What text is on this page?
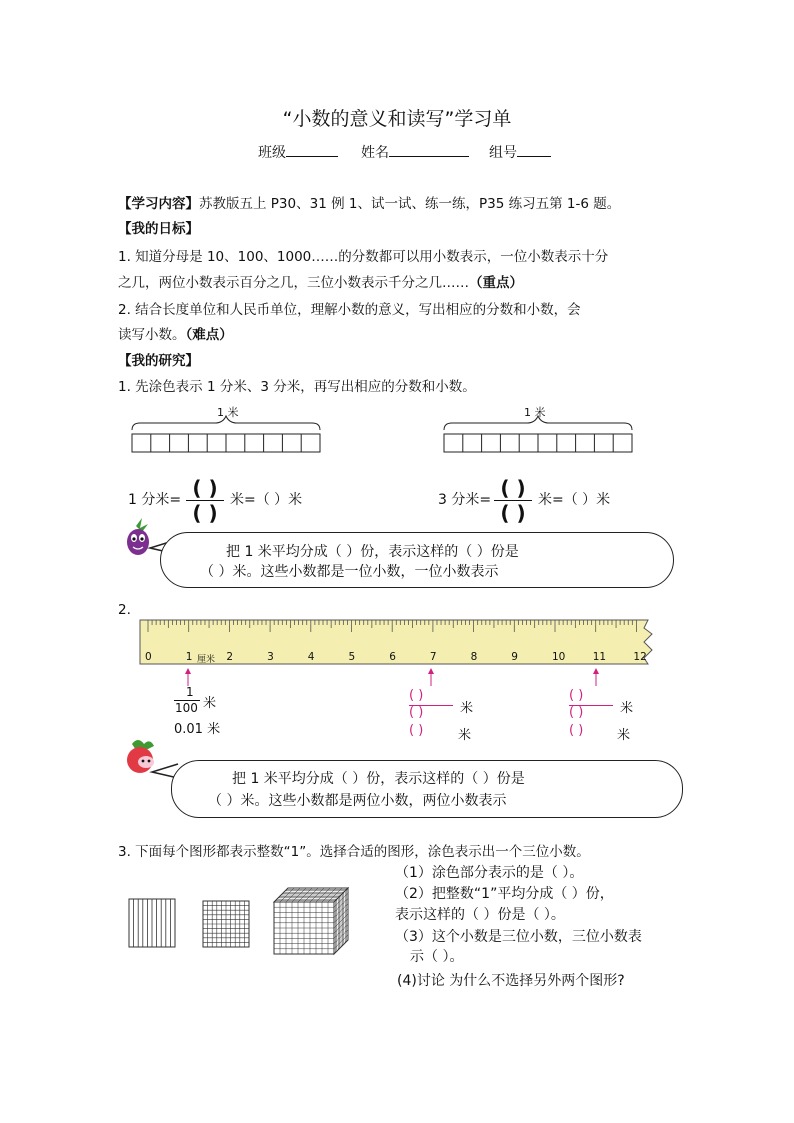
“小数的意义和读写”学习单
班级	姓名	组号
【学习内容】苏教版五上 P30、31 例 1、试一试、练一练，P35 练习五第 1-6 题。
【我的日标】
1. 知道分母是 10、100、1000……的分数都可以用小数表示，一位小数表示十分
之几，两位小数表示百分之几，三位小数表示千分之几……（重点）
2. 结合长度单位和人民币单位，理解小数的意义，写出相应的分数和小数，会
读写小数。（难点）
【我的研究】
1. 先涂色表示 1 分米、3 分米，再写出相应的分数和小数。
1 米	1 米
1 分米= ( )
( )
米=（ ）米	3 分米= ( )
( )
米=（ ）米
把 1 米平均分成（ ）份，表示这样的（ ）份是
（ ）米。这些小数都是一位小数，一位小数表示
2.
0	1	2	3	4	5	6	7	8	9	10	11	12
厘米
1
100 米
0.01 米
( )
( )	米
( )	米
( )
( )	米
( )	米
把 1 米平均分成（ ）份，表示这样的（ ）份是
（ ）米。这些小数都是两位小数，两位小数表示
3. 下面每个图形都表示整数“1”。选择合适的图形，涂色表示出一个三位小数。
（1）涂色部分表示的是（ ）。
（2）把整数“1”平均分成（ ）份，
表示这样的（ ）份是（ ）。
（3）这个小数是三位小数，三位小数表
示（ ）。
(4)讨论 为什么不选择另外两个图形?
